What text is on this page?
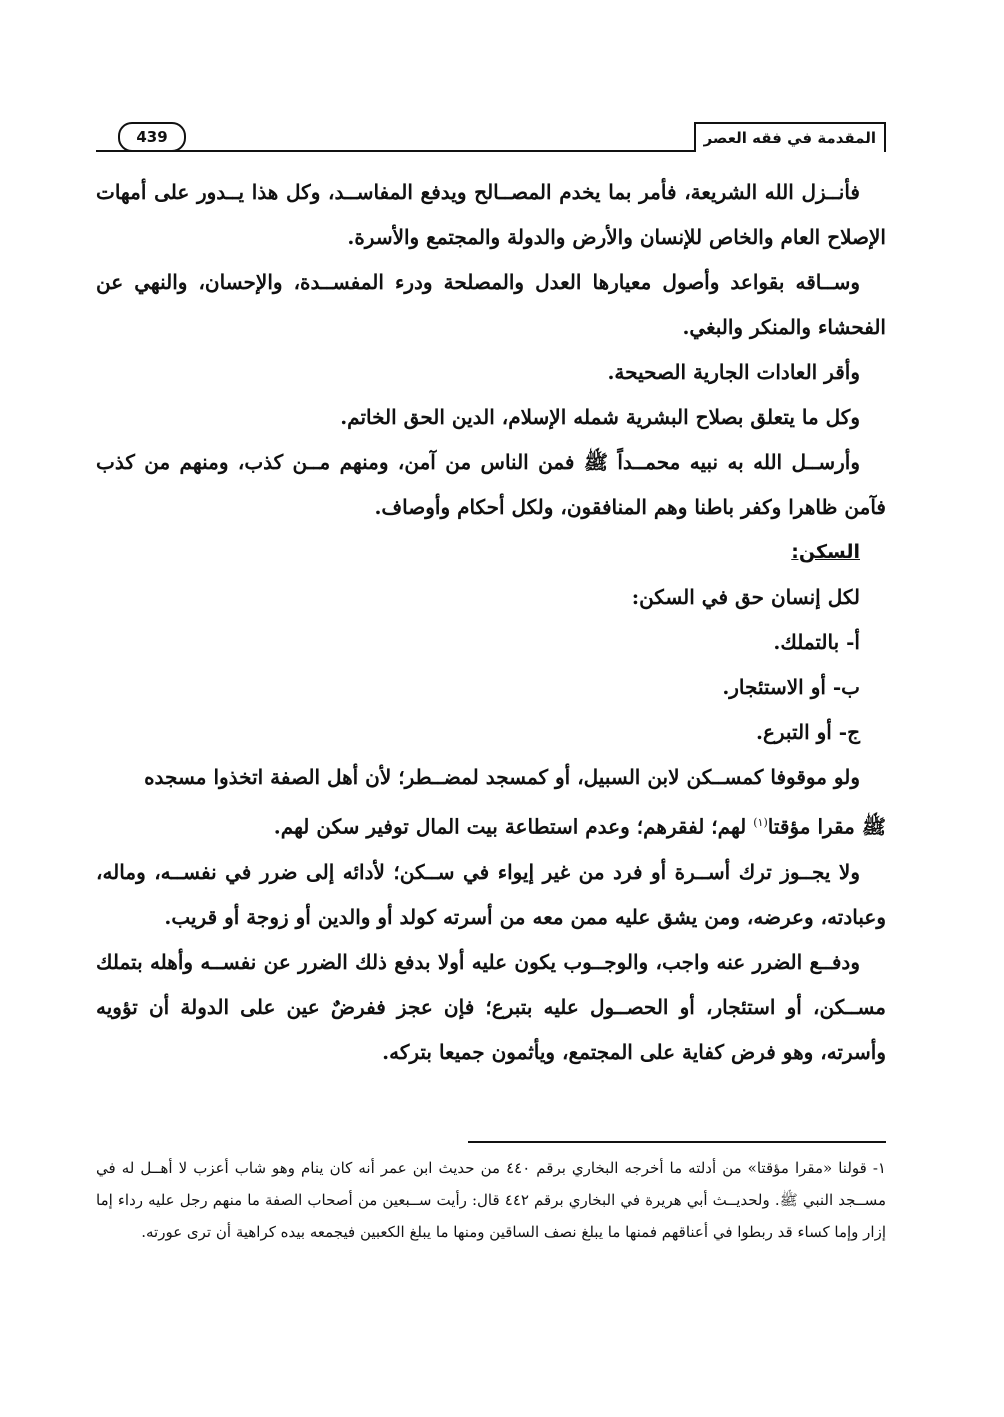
المقدمة في فقه العصر
439

فأنــزل الله الشريعة، فأمر بما يخدم المصــالح ويدفع المفاســد، وكل هذا يــدور على أمهات الإصلاح العام والخاص للإنسان والأرض والدولة والمجتمع والأسرة.

وســاقه بقواعد وأصول معيارها العدل والمصلحة ودرء المفســدة، والإحسان، والنهي عن الفحشاء والمنكر والبغي.

وأقر العادات الجارية الصحيحة.

وكل ما يتعلق بصلاح البشرية شمله الإسلام، الدين الحق الخاتم.

وأرســل الله به نبيه محمــداً ﷺ فمن الناس من آمن، ومنهم مــن كذب، ومنهم من كذب فآمن ظاهرا وكفر باطنا وهم المنافقون، ولكل أحكام وأوصاف.

السكن:

لكل إنسان حق في السكن:

أ- بالتملك.

ب- أو الاستئجار.

ج- أو التبرع.

ولو موقوفا كمســكن لابن السبيل، أو كمسجد لمضــطر؛ لأن أهل الصفة اتخذوا مسجده
ﷺ مقرا مؤقتا$^{(١)}$ لهم؛ لفقرهم؛ وعدم استطاعة بيت المال توفير سكن لهم.

ولا يجــوز ترك أســرة أو فرد من غير إيواء في ســكن؛ لأدائه إلى ضرر في نفســه، وماله، وعبادته، وعرضه، ومن يشق عليه ممن معه من أسرته كولد أو والدين أو زوجة أو قريب.

ودفــع الضرر عنه واجب، والوجــوب يكون عليه أولا بدفع ذلك الضرر عن نفســه وأهله بتملك مســكن، أو استئجار، أو الحصــول عليه بتبرع؛ فإن عجز ففرضٌ عين على الدولة أن تؤويه وأسرته، وهو فرض كفاية على المجتمع، ويأثمون جميعا بتركه.

١- قولنا «مقرا مؤقتا» من أدلته ما أخرجه البخاري برقم ٤٤٠ من حديث ابن عمر أنه كان ينام وهو شاب أعزب لا أهــل له في مســجد النبي ﷺ. ولحديــث أبي هريرة في البخاري برقم ٤٤٢ قال: رأيت ســبعين من أصحاب الصفة ما منهم رجل عليه رداء إما إزار وإما كساء قد ربطوا في أعناقهم فمنها ما يبلغ نصف الساقين ومنها ما يبلغ الكعبين فيجمعه بيده كراهية أن ترى عورته.
